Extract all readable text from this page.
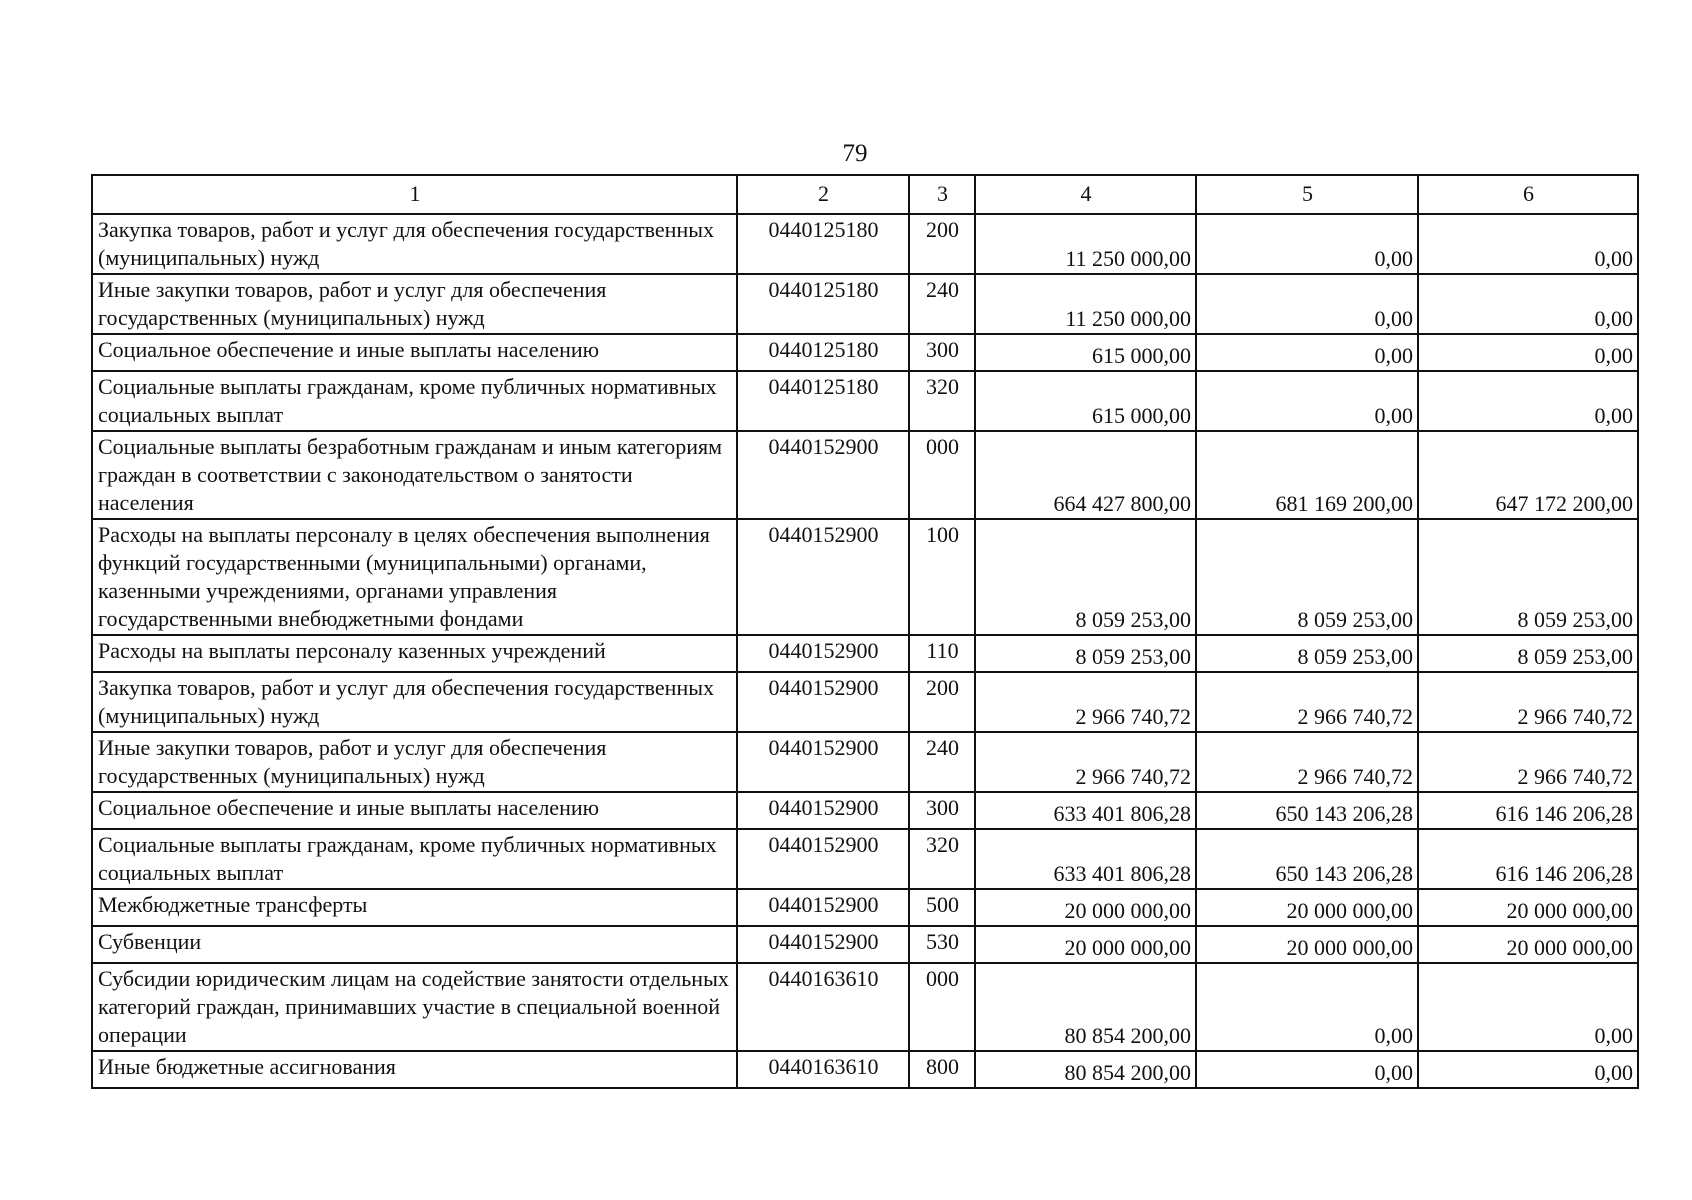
79
1	2	3	4	5	6
Закупка товаров, работ и услуг для обеспечения государственных (муниципальных) нужд	0440125180	200	11 250 000,00	0,00	0,00
Иные закупки товаров, работ и услуг для обеспечения государственных (муниципальных) нужд	0440125180	240	11 250 000,00	0,00	0,00
Социальное обеспечение и иные выплаты населению	0440125180	300	615 000,00	0,00	0,00
Социальные выплаты гражданам, кроме публичных нормативных социальных выплат	0440125180	320	615 000,00	0,00	0,00
Социальные выплаты безработным гражданам и иным категориям граждан в соответствии с законодательством о занятости населения	0440152900	000	664 427 800,00	681 169 200,00	647 172 200,00
Расходы на выплаты персоналу в целях обеспечения выполнения функций государственными (муниципальными) органами, казенными учреждениями, органами управления государственными внебюджетными фондами	0440152900	100	8 059 253,00	8 059 253,00	8 059 253,00
Расходы на выплаты персоналу казенных учреждений	0440152900	110	8 059 253,00	8 059 253,00	8 059 253,00
Закупка товаров, работ и услуг для обеспечения государственных (муниципальных) нужд	0440152900	200	2 966 740,72	2 966 740,72	2 966 740,72
Иные закупки товаров, работ и услуг для обеспечения государственных (муниципальных) нужд	0440152900	240	2 966 740,72	2 966 740,72	2 966 740,72
Социальное обеспечение и иные выплаты населению	0440152900	300	633 401 806,28	650 143 206,28	616 146 206,28
Социальные выплаты гражданам, кроме публичных нормативных социальных выплат	0440152900	320	633 401 806,28	650 143 206,28	616 146 206,28
Межбюджетные трансферты	0440152900	500	20 000 000,00	20 000 000,00	20 000 000,00
Субвенции	0440152900	530	20 000 000,00	20 000 000,00	20 000 000,00
Субсидии юридическим лицам на содействие занятости отдельных категорий граждан, принимавших участие в специальной военной операции	0440163610	000	80 854 200,00	0,00	0,00
Иные бюджетные ассигнования	0440163610	800	80 854 200,00	0,00	0,00
